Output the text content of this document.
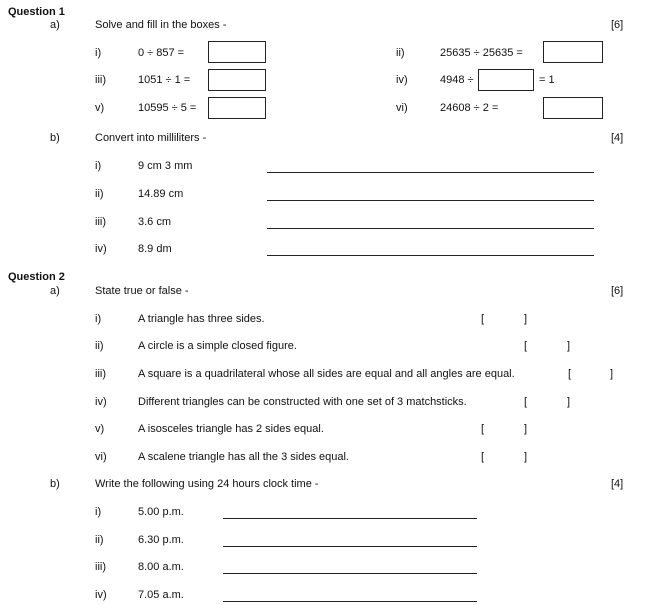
Question 1
a)	Solve and fill in the boxes -	[6]
i)	0 ÷ 857 =	ii)	25635 ÷ 25635 =
iii)	1051 ÷ 1 =	iv)	4948 ÷	= 1
v)	10595 ÷ 5 =	vi)	24608 ÷ 2 =
b)	Convert into milliliters -	[4]
i)	9 cm 3 mm
ii)	14.89 cm
iii)	3.6 cm
iv)	8.9 dm
Question 2
a)	State true or false -	[6]
i)	A triangle has three sides.	[	]
ii)	A circle is a simple closed figure.	[	]
iii)	A square is a quadrilateral whose all sides are equal and all angles are equal.	[	]
iv)	Different triangles can be constructed with one set of 3 matchsticks.	[	]
v)	A isosceles triangle has 2 sides equal.	[	]
vi)	A scalene triangle has all the 3 sides equal.	[	]
b)	Write the following using 24 hours clock time -	[4]
i)	5.00 p.m.
ii)	6.30 p.m.
iii)	8.00 a.m.
iv)	7.05 a.m.
